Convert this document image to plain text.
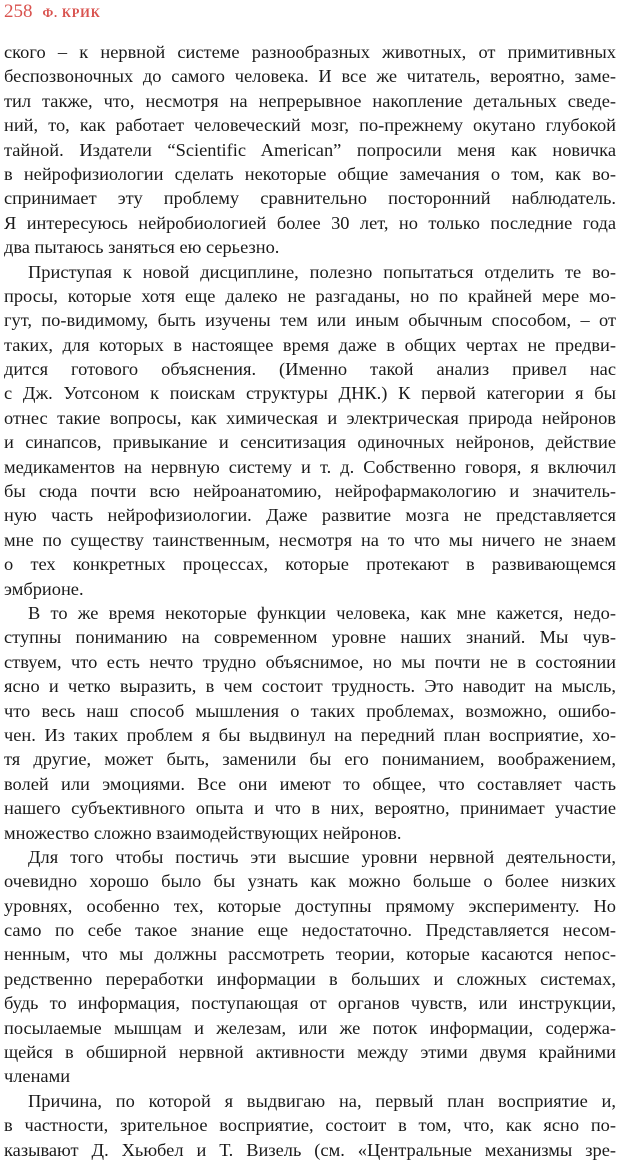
258 Ф. КРИК
ского – к нервной системе разнообразных животных, от примитивных
беспозвоночных до самого человека. И все же читатель, вероятно, заме-
тил также, что, несмотря на непрерывное накопление детальных сведе-
ний, то, как работает человеческий мозг, по-прежнему окутано глубокой
тайной. Издатели “Scientific American” попросили меня как новичка
в нейрофизиологии сделать некоторые общие замечания о том, как во-
спринимает эту проблему сравнительно посторонний наблюдатель.
Я интересуюсь нейробиологией более 30 лет, но только последние года
два пытаюсь заняться ею серьезно.
Приступая к новой дисциплине, полезно попытаться отделить те во-
просы, которые хотя еще далеко не разгаданы, но по крайней мере мо-
гут, по-видимому, быть изучены тем или иным обычным способом, – от
таких, для которых в настоящее время даже в общих чертах не предви-
дится готового объяснения. (Именно такой анализ привел нас
с Дж. Уотсоном к поискам структуры ДНК.) К первой категории я бы
отнес такие вопросы, как химическая и электрическая природа нейронов
и синапсов, привыкание и сенситизация одиночных нейронов, действие
медикаментов на нервную систему и т. д. Собственно говоря, я включил
бы сюда почти всю нейроанатомию, нейрофармакологию и значитель-
ную часть нейрофизиологии. Даже развитие мозга не представляется
мне по существу таинственным, несмотря на то что мы ничего не знаем
о тех конкретных процессах, которые протекают в развивающемся
эмбрионе.
В то же время некоторые функции человека, как мне кажется, недо-
ступны пониманию на современном уровне наших знаний. Мы чув-
ствуем, что есть нечто трудно объяснимое, но мы почти не в состоянии
ясно и четко выразить, в чем состоит трудность. Это наводит на мысль,
что весь наш способ мышления о таких проблемах, возможно, ошибо-
чен. Из таких проблем я бы выдвинул на передний план восприятие, хо-
тя другие, может быть, заменили бы его пониманием, воображением,
волей или эмоциями. Все они имеют то общее, что составляет часть
нашего субъективного опыта и что в них, вероятно, принимает участие
множество сложно взаимодействующих нейронов.
Для того чтобы постичь эти высшие уровни нервной деятельности,
очевидно хорошо было бы узнать как можно больше о более низких
уровнях, особенно тех, которые доступны прямому эксперименту. Но
само по себе такое знание еще недостаточно. Представляется несом-
ненным, что мы должны рассмотреть теории, которые касаются непос-
редственно переработки информации в больших и сложных системах,
будь то информация, поступающая от органов чувств, или инструкции,
посылаемые мышцам и железам, или же поток информации, содержа-
щейся в обширной нервной активности между этими двумя крайними
членами
Причина, по которой я выдвигаю на, первый план восприятие и,
в частности, зрительное восприятие, состоит в том, что, как ясно по-
казывают Д. Хьюбел и Т. Визель (см. «Центральные механизмы зре-
